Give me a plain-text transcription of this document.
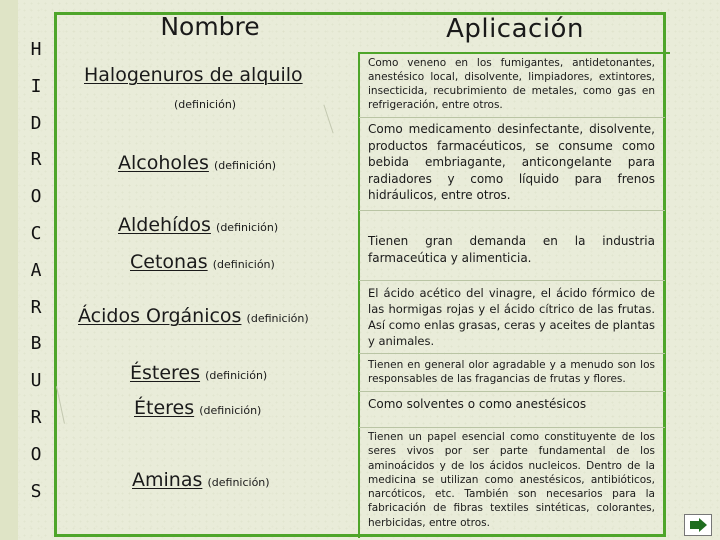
H
I
D
R
O
C
A
R
B
U
R
O
S
Nombre	Aplicación
Halogenuros de alquilo
(definición)
Alcoholes (definición)
Aldehídos (definición)
Cetonas (definición)
Ácidos Orgánicos (definición)
Ésteres (definición)
Éteres (definición)
Aminas (definición)
Como veneno en los fumigantes, antidetonantes, anestésico local, disolvente, limpiadores, extintores, insecticida, recubrimiento de metales, como gas en refrigeración, entre otros.
Como medicamento desinfectante, disolvente, productos farmacéuticos, se consume como bebida embriagante, anticongelante para radiadores y como líquido para frenos hidráulicos, entre otros.
Tienen gran demanda en la industria farmaceútica y alimenticia.
El ácido acético del vinagre, el ácido fórmico de las hormigas rojas y el ácido cítrico de las frutas. Así como enlas grasas, ceras y aceites de plantas y animales.
Tienen en general olor agradable y a menudo son los responsables de las fragancias de frutas y flores.
Como solventes o como anestésicos
Tienen un papel esencial como constituyente de los seres vivos por ser parte fundamental de los aminoácidos y de los ácidos nucleicos. Dentro de la medicina se utilizan como anestésicos, antibióticos, narcóticos, etc. También son necesarios para la fabricación de fibras textiles sintéticas, colorantes, herbicidas, entre otros.
